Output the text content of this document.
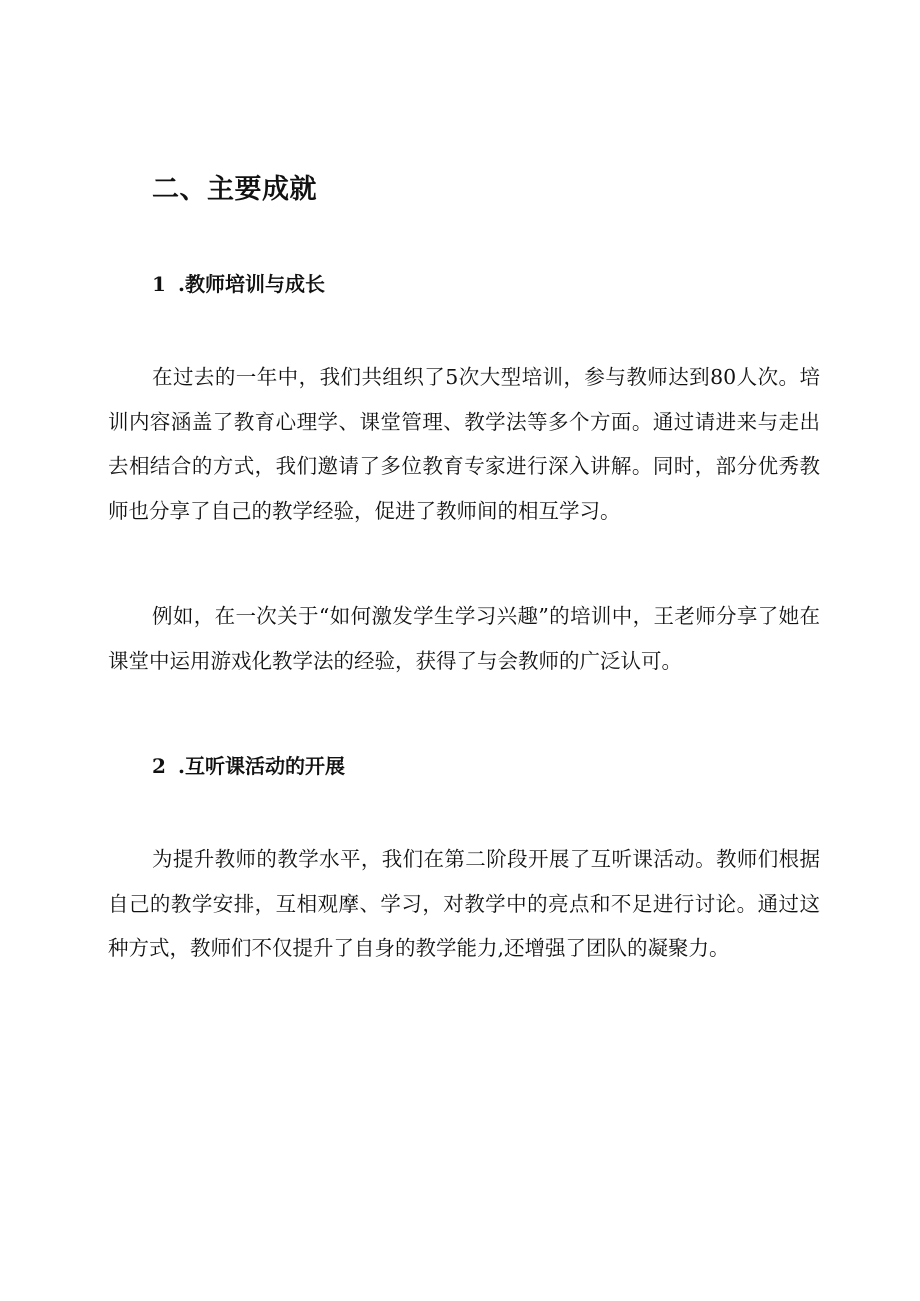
二、主要成就
1 .教师培训与成长

在过去的一年中，我们共组织了5次大型培训，参与教师达到80人次。培训内容涵盖了教育心理学、课堂管理、教学法等多个方面。通过请进来与走出去相结合的方式，我们邀请了多位教育专家进行深入讲解。同时，部分优秀教师也分享了自己的教学经验，促进了教师间的相互学习。

例如，在一次关于“如何激发学生学习兴趣”的培训中，王老师分享了她在课堂中运用游戏化教学法的经验，获得了与会教师的广泛认可。

2 .互听课活动的开展

为提升教师的教学水平，我们在第二阶段开展了互听课活动。教师们根据自己的教学安排，互相观摩、学习，对教学中的亮点和不足进行讨论。通过这种方式，教师们不仅提升了自身的教学能力,还增强了团队的凝聚力。
